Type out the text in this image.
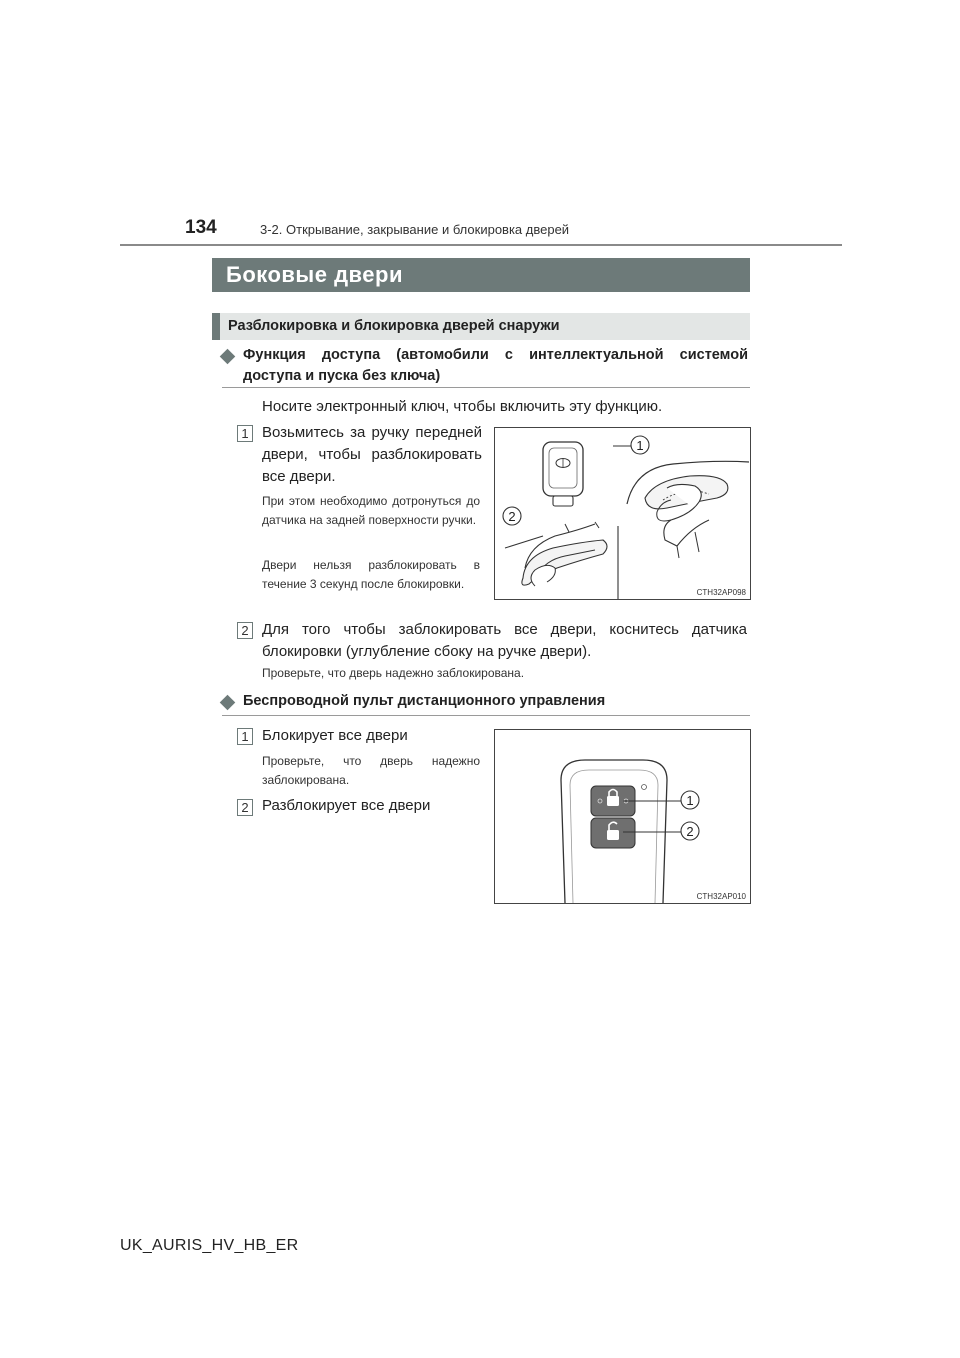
134	3-2. Открывание, закрывание и блокировка дверей
Боковые двери
Разблокировка и блокировка дверей снаружи
Функция доступа (автомобили с интеллектуальной системой доступа и пуска без ключа)
Носите электронный ключ, чтобы включить эту функцию.
1 Возьмитесь за ручку передней двери, чтобы разблокировать все двери.
При этом необходимо дотронуться до датчика на задней поверхности ручки.
Двери нельзя разблокировать в течение 3 секунд после блокировки.
1
2
CTH32AP098
2 Для того чтобы заблокировать все двери, коснитесь датчика блокировки (углубление сбоку на ручке двери).
Проверьте, что дверь надежно заблокирована.
Беспроводной пульт дистанционного управления
1 Блокирует все двери
Проверьте, что дверь надежно заблокирована.
2 Разблокирует все двери	1
2
CTH32AP010
UK_AURIS_HV_HB_ER
